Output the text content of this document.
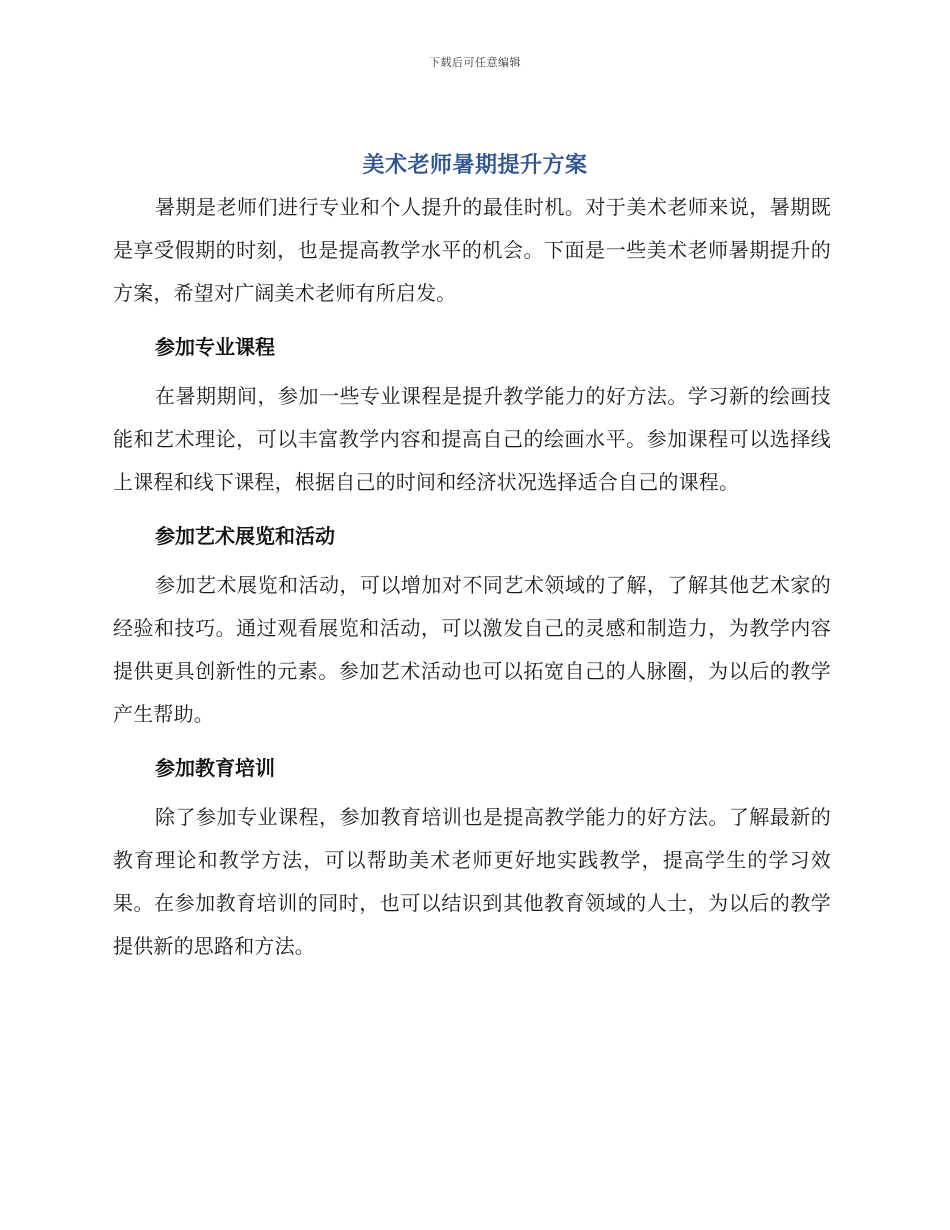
下载后可任意编辑
美术老师暑期提升方案

暑期是老师们进行专业和个人提升的最佳时机。对于美术老师来说，暑期既是享受假期的时刻，也是提高教学水平的机会。下面是一些美术老师暑期提升的方案，希望对广阔美术老师有所启发。

参加专业课程

在暑期期间，参加一些专业课程是提升教学能力的好方法。学习新的绘画技能和艺术理论，可以丰富教学内容和提高自己的绘画水平。参加课程可以选择线上课程和线下课程，根据自己的时间和经济状况选择适合自己的课程。

参加艺术展览和活动

参加艺术展览和活动，可以增加对不同艺术领域的了解，了解其他艺术家的经验和技巧。通过观看展览和活动，可以激发自己的灵感和制造力，为教学内容提供更具创新性的元素。参加艺术活动也可以拓宽自己的人脉圈，为以后的教学产生帮助。

参加教育培训

除了参加专业课程，参加教育培训也是提高教学能力的好方法。了解最新的教育理论和教学方法，可以帮助美术老师更好地实践教学，提高学生的学习效果。在参加教育培训的同时，也可以结识到其他教育领域的人士，为以后的教学提供新的思路和方法。
